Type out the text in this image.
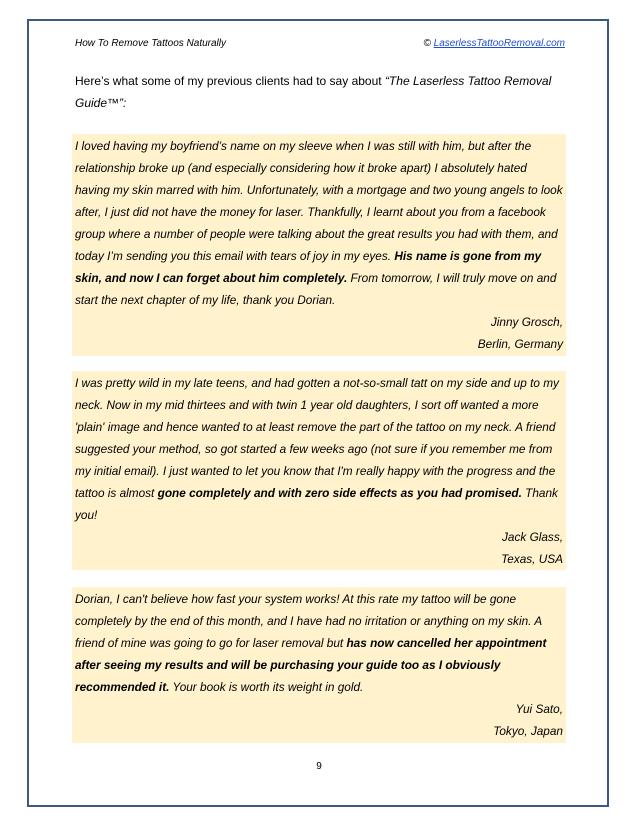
How To Remove Tattoos Naturally	© LaserlessTattooRemoval.com
Here’s what some of my previous clients had to say about “The Laserless Tattoo Removal Guide™”:

I loved having my boyfriend’s name on my sleeve when I was still with him, but after the relationship broke up (and especially considering how it broke apart) I absolutely hated having my skin marred with him. Unfortunately, with a mortgage and two young angels to look after, I just did not have the money for laser. Thankfully, I learnt about you from a facebook group where a number of people were talking about the great results you had with them, and today I’m sending you this email with tears of joy in my eyes. His name is gone from my skin, and now I can forget about him completely. From tomorrow, I will truly move on and start the next chapter of my life, thank you Dorian.

Jinny Grosch,

Berlin, Germany

I was pretty wild in my late teens, and had gotten a not-so-small tatt on my side and up to my neck. Now in my mid thirtees and with twin 1 year old daughters, I sort off wanted a more 'plain' image and hence wanted to at least remove the part of the tattoo on my neck. A friend suggested your method, so got started a few weeks ago (not sure if you remember me from my initial email). I just wanted to let you know that I'm really happy with the progress and the tattoo is almost gone completely and with zero side effects as you had promised. Thank you!

Jack Glass,

Texas, USA

Dorian, I can't believe how fast your system works! At this rate my tattoo will be gone completely by the end of this month, and I have had no irritation or anything on my skin. A friend of mine was going to go for laser removal but has now cancelled her appointment after seeing my results and will be purchasing your guide too as I obviously recommended it. Your book is worth its weight in gold.

Yui Sato,

Tokyo, Japan

9
